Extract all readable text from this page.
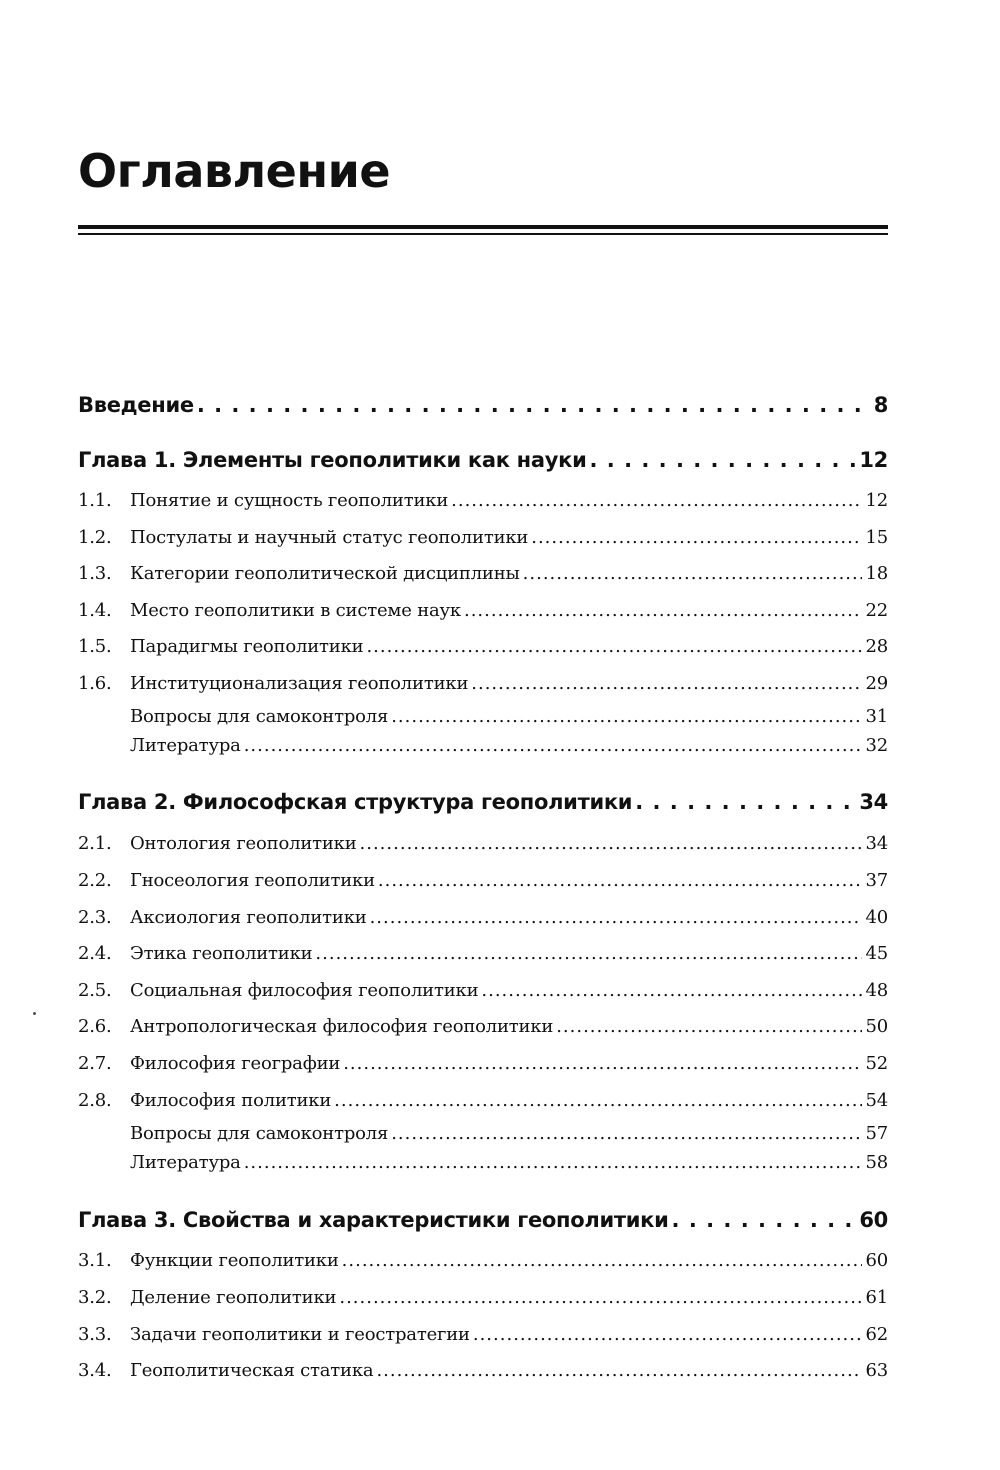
Оглавление
Введение . . .	8
Глава 1. Элементы геополитики как науки . . .	12
1.1.	Понятие и сущность геополитики .....	12
1.2.	Постулаты и научный статус геополитики .....	15
1.3.	Категории геополитической дисциплины .....	18
1.4.	Место геополитики в системе наук .....	22
1.5.	Парадигмы геополитики .....	28
1.6.	Институционализация геополитики .....	29
Вопросы для самоконтроля .....	31
Литература .....	32
Глава 2. Философская структура геополитики . . .	34
2.1.	Онтология геополитики .....	34
2.2.	Гносеология геополитики .....	37
2.3.	Аксиология геополитики .....	40
2.4.	Этика геополитики .....	45
2.5.	Социальная философия геополитики .....	48
2.6.	Антропологическая философия геополитики .....	50
2.7.	Философия географии .....	52
2.8.	Философия политики .....	54
Вопросы для самоконтроля .....	57
Литература .....	58
Глава 3. Свойства и характеристики геополитики . . .	60
3.1.	Функции геополитики .....	60
3.2.	Деление геополитики .....	61
3.3.	Задачи геополитики и геостратегии .....	62
3.4.	Геополитическая статика .....	63
